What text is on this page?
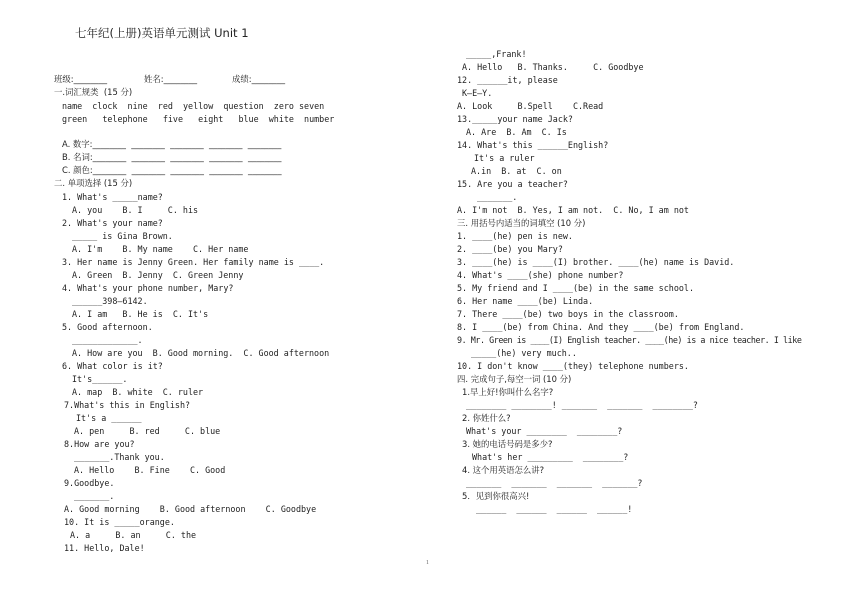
七年纪(上册)英语单元测试 Unit 1
班级:________	姓名:________	成绩:________
一.词汇规类  (15 分)
name  clock  nine  red  yellow  question  zero seven
green   telephone   five   eight   blue  white  number
A. 数字:________  ________  ________  ________  ________
B. 名词:________  ________  ________  ________  ________
C. 颜色:________  ________  ________  ________  ________
二. 单项选择 (15 分)
1. What's _____name?
A. you    B. I     C. his
2. What's your name?
_____ is Gina Brown.
A. I'm    B. My name    C. Her name
3. Her name is Jenny Green. Her family name is ____.
A. Green  B. Jenny  C. Green Jenny
4. What's your phone number, Mary?
______398—6142.
A. I am   B. He is  C. It's
5. Good afternoon.
_____________.
A. How are you  B. Good morning.  C. Good afternoon
6. What color is it?
It's______.
A. map  B. white  C. ruler
7.What's this in English?
It's a ______
A. pen     B. red     C. blue
8.How are you?
_______.Thank you.
A. Hello    B. Fine    C. Good
9.Goodbye.
_______.
A. Good morning    B. Good afternoon    C. Goodbye
10. It is _____orange.
A. a     B. an     C. the
11. Hello, Dale!
_____,Frank!
A. Hello   B. Thanks.     C. Goodbye
12. ______it, please
K—E—Y.
A. Look     B.Spell    C.Read
13._____your name Jack?
A. Are  B. Am  C. Is
14. What's this ______English?
It's a ruler
A.in  B. at  C. on
15. Are you a teacher?
_______.
A. I'm not  B. Yes, I am not.  C. No, I am not
三. 用括号内适当的词填空 (10 分)
1. ____(he) pen is new.
2. ____(be) you Mary?
3. ____(he) is ____(I) brother. ____(he) name is David.
4. What's ____(she) phone number?
5. My friend and I ____(be) in the same school.
6. Her name ____(be) Linda.
7. There ____(be) two boys in the classroom.
8. I ____(be) from China. And they ____(be) from England.
9. Mr. Green is ____(I) English teacher. ____(he) is a nice teacher. I like
_____(he) very much..
10. I don't know ____(they) telephone numbers.
四. 完成句子,每空一词 (10 分)
1.早上好!你叫什么名字?
________ ________! _______  _______  ________?
2. 你姓什么?
What's your ________  ________?
3. 她的电话号码是多少?
What's her _________  ________?
4. 这个用英语怎么讲?
_______  _______  _______  _______?
5．见到你很高兴!
______  ______  ______  ______!
1
